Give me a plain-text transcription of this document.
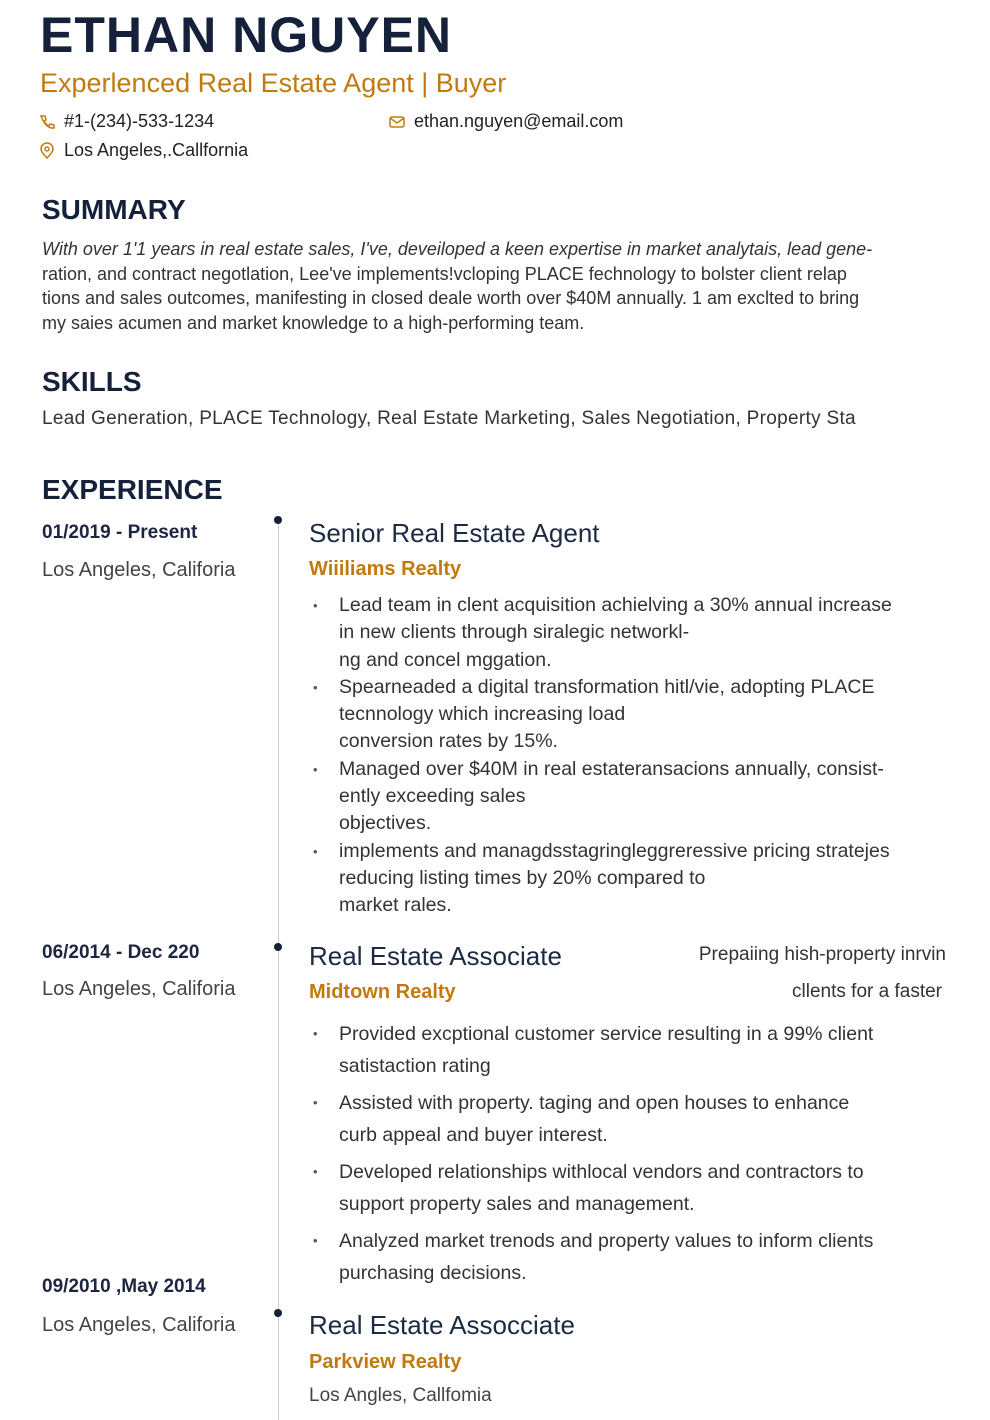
ETHAN NGUYEN
Experlenced Real Estate Agent | Buyer
#1-(234)-533-1234	ethan.nguyen@email.com
Los Angeles,.Callfornia
SUMMARY
With over 1'1 years in real estate sales, I've, deveiloped a keen expertise in market analytais, lead gene-
ration, and contract negotlation, Lee've implements!vcloping PLACE fechnology to bolster client relap
tions and sales outcomes, manifesting in closed deale worth over $40M annually. 1 am exclted to bring
my saies acumen and market knowledge to a high-performing team.
SKILLS
Lead Generation, PLACE Technology, Real Estate Marketing, Sales Negotiation, Property Sta
EXPERIENCE
01/2019 - Present
Los Angeles, Califoria
Senior Real Estate Agent
Wiiiliams Realty
• Lead team in clent acquisition achielving a 30% annual increase
in new clients through siralegic networkl-
ng and concel mggation.
• Spearneaded a digital transformation hitl/vie, adopting PLACE
tecnnology which increasing load
conversion rates by 15%.
• Managed over $40M in real estateransacions annually, consist-
ently exceeding sales
objectives.
• implements and managdsstagringleggreressive pricing stratejes
reducing listing times by 20% compared to
market rales.
06/2014 - Dec 220
Los Angeles, Califoria
Real Estate Associate
Midtown Realty
Prepaiing hish-property inrvin
cllents for a faster
• Provided excptional customer service resulting in a 99% client
satistaction rating
• Assisted with property. taging and open houses to enhance
curb appeal and buyer interest.
• Developed relationships withlocal vendors and contractors to
support property sales and management.
• Analyzed market trenods and property values to inform clients
purchasing decisions.
09/2010 ,May 2014
Los Angeles, Califoria	Real Estate Assocciate
Parkview Realty
Los Angles, Callfomia
